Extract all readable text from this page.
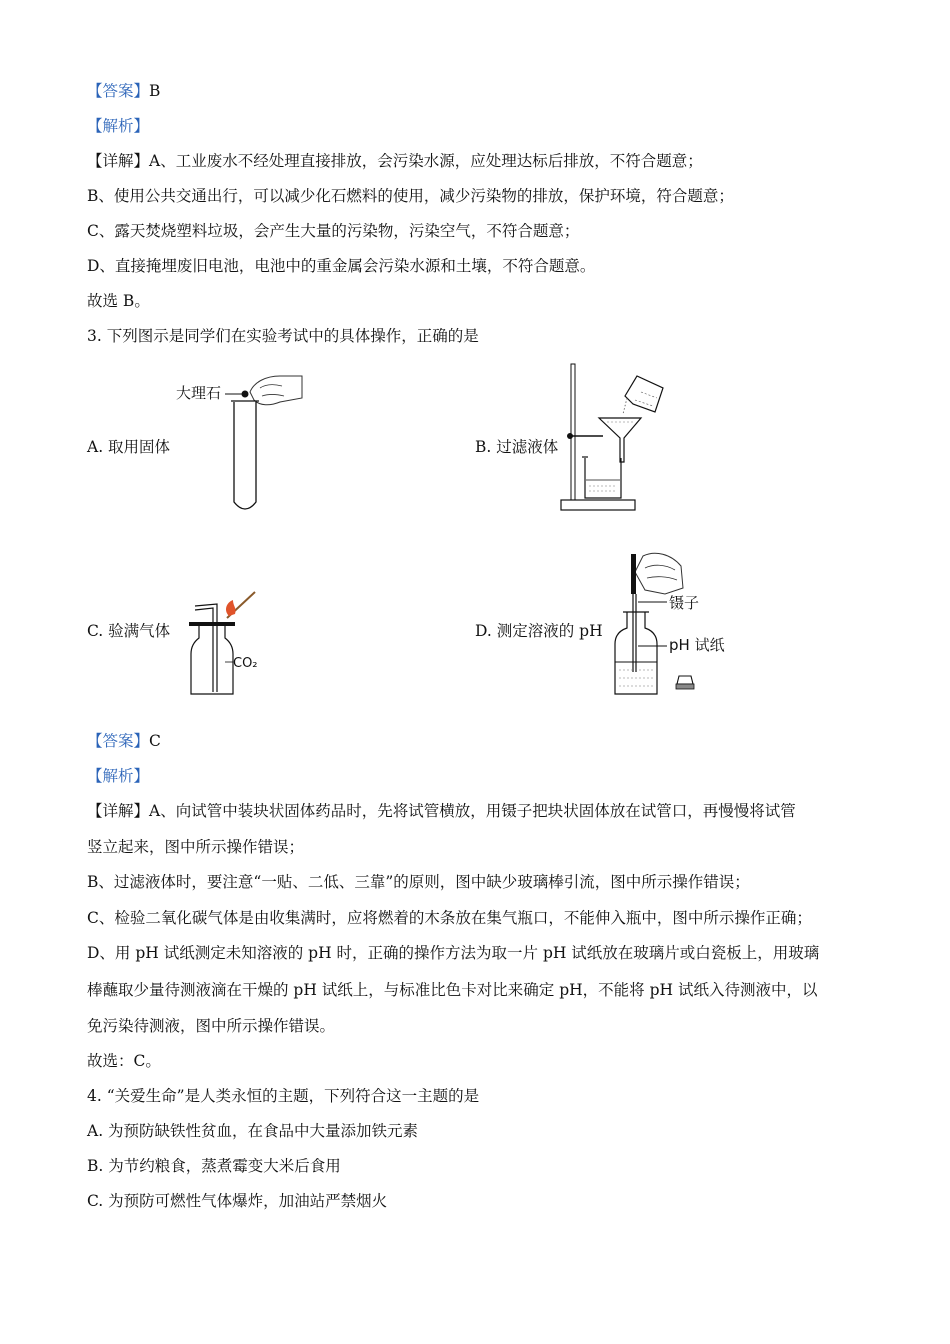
【答案】B
【解析】
【详解】A、工业废水不经处理直接排放，会污染水源，应处理达标后排放，不符合题意；
B、使用公共交通出行，可以减少化石燃料的使用，减少污染物的排放，保护环境，符合题意；
C、露天焚烧塑料垃圾，会产生大量的污染物，污染空气，不符合题意；
D、直接掩埋废旧电池，电池中的重金属会污染水源和土壤，不符合题意。
故选 B。
3. 下列图示是同学们在实验考试中的具体操作，正确的是
A. 取用固体	B. 过滤液体
C. 验满气体	D. 测定溶液的 pH
大理石
CO₂
镊子
pH 试纸
【答案】C
【解析】
【详解】A、向试管中装块状固体药品时，先将试管横放，用镊子把块状固体放在试管口，再慢慢将试管
竖立起来，图中所示操作错误；
B、过滤液体时，要注意“一贴、二低、三靠”的原则，图中缺少玻璃棒引流，图中所示操作错误；
C、检验二氧化碳气体是由收集满时，应将燃着的木条放在集气瓶口，不能伸入瓶中，图中所示操作正确；
D、用 pH 试纸测定未知溶液的 pH 时，正确的操作方法为取一片 pH 试纸放在玻璃片或白瓷板上，用玻璃
棒蘸取少量待测液滴在干燥的 pH 试纸上，与标准比色卡对比来确定 pH，不能将 pH 试纸入待测液中，以
免污染待测液，图中所示操作错误。
故选：C。
4. “关爱生命”是人类永恒的主题，下列符合这一主题的是
A. 为预防缺铁性贫血，在食品中大量添加铁元素
B. 为节约粮食，蒸煮霉变大米后食用
C. 为预防可燃性气体爆炸，加油站严禁烟火
